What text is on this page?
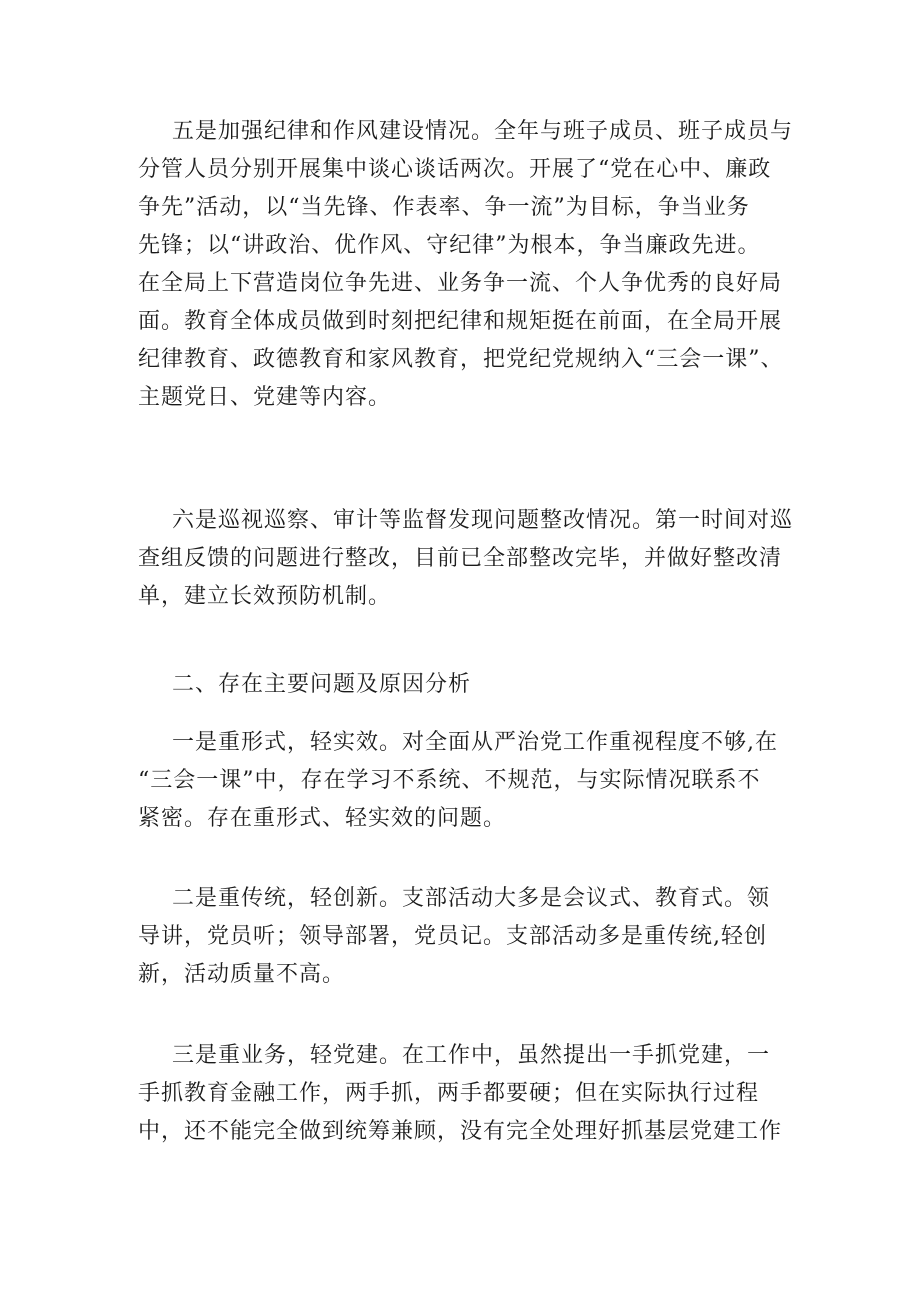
五是加强纪律和作风建设情况。全年与班子成员、班子成员与
分管人员分别开展集中谈心谈话两次。开展了“党在心中、廉政
争先”活动，以“当先锋、作表率、争一流”为目标，争当业务
先锋；以“讲政治、优作风、守纪律”为根本，争当廉政先进。
在全局上下营造岗位争先进、业务争一流、个人争优秀的良好局
面。教育全体成员做到时刻把纪律和规矩挺在前面，在全局开展
纪律教育、政德教育和家风教育，把党纪党规纳入“三会一课”、
主题党日、党建等内容。
六是巡视巡察、审计等监督发现问题整改情况。第一时间对巡
查组反馈的问题进行整改，目前已全部整改完毕，并做好整改清
单，建立长效预防机制。
二、存在主要问题及原因分析
一是重形式，轻实效。对全面从严治党工作重视程度不够,在
“三会一课”中，存在学习不系统、不规范，与实际情况联系不
紧密。存在重形式、轻实效的问题。
二是重传统，轻创新。支部活动大多是会议式、教育式。领
导讲，党员听；领导部署，党员记。支部活动多是重传统,轻创
新，活动质量不高。
三是重业务，轻党建。在工作中，虽然提出一手抓党建，一
手抓教育金融工作，两手抓，两手都要硬；但在实际执行过程
中，还不能完全做到统筹兼顾，没有完全处理好抓基层党建工作
